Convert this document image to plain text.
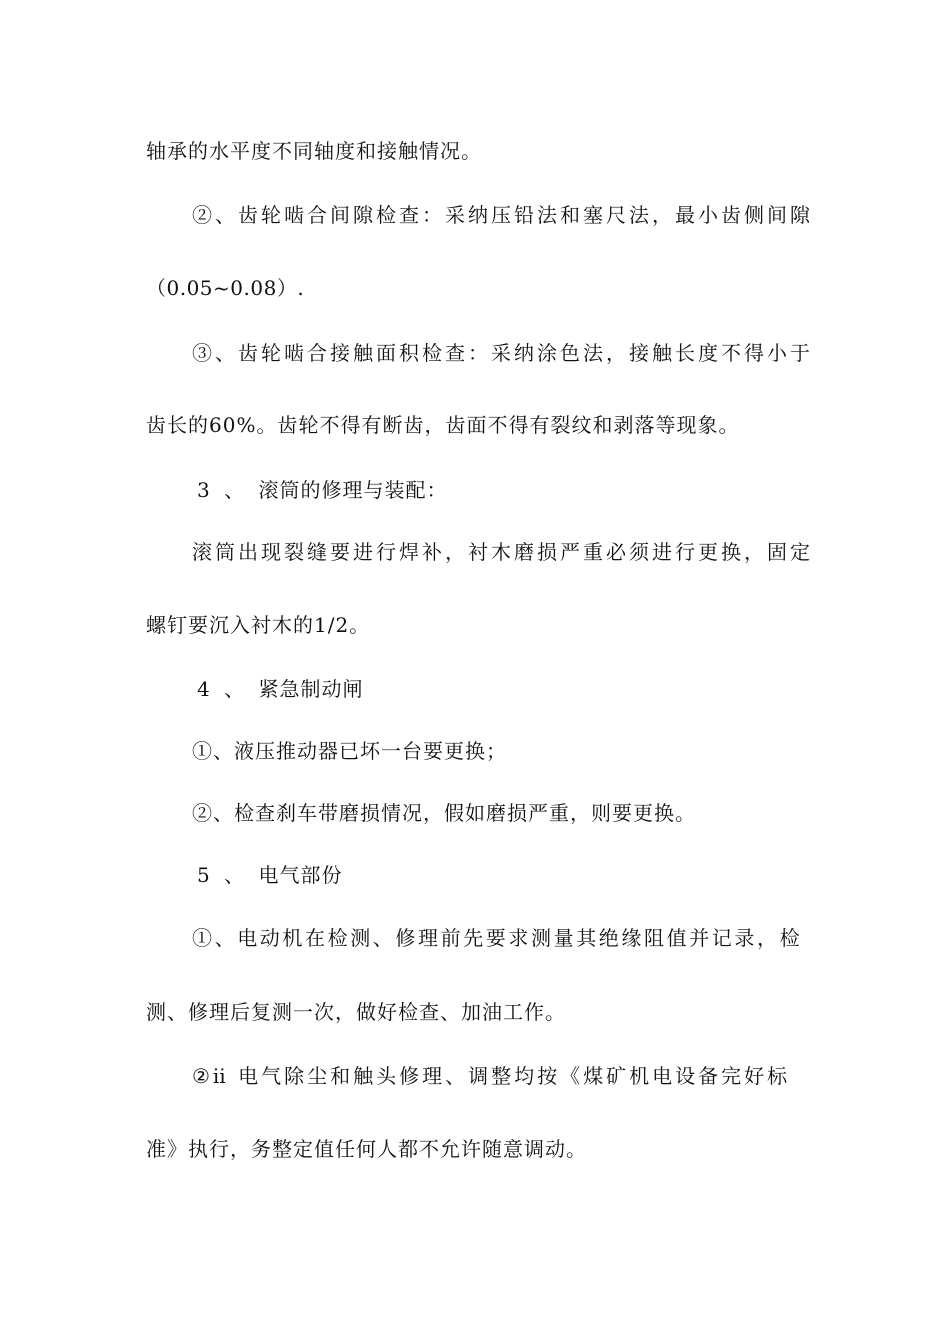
轴承的水平度不同轴度和接触情况。
②、齿轮啮合间隙检查：采纳压铅法和塞尺法，最小齿侧间隙
（0.05~0.08）.
③、齿轮啮合接触面积检查：采纳涂色法，接触长度不得小于
齿长的60%。齿轮不得有断齿，齿面不得有裂纹和剥落等现象。
3 、 滚筒的修理与装配：
滚筒出现裂缝要进行焊补，衬木磨损严重必须进行更换，固定
螺钉要沉入衬木的1/2。
4 、 紧急制动闸
①、液压推动器已坏一台要更换；
②、检查刹车带磨损情况，假如磨损严重，则要更换。
5 、 电气部份
①、电动机在检测、修理前先要求测量其绝缘阻值并记录，检
测、修理后复测一次，做好检查、加油工作。
②ⅱ 电气除尘和触头修理、调整均按《煤矿机电设备完好标
准》执行，务整定值任何人都不允许随意调动。
